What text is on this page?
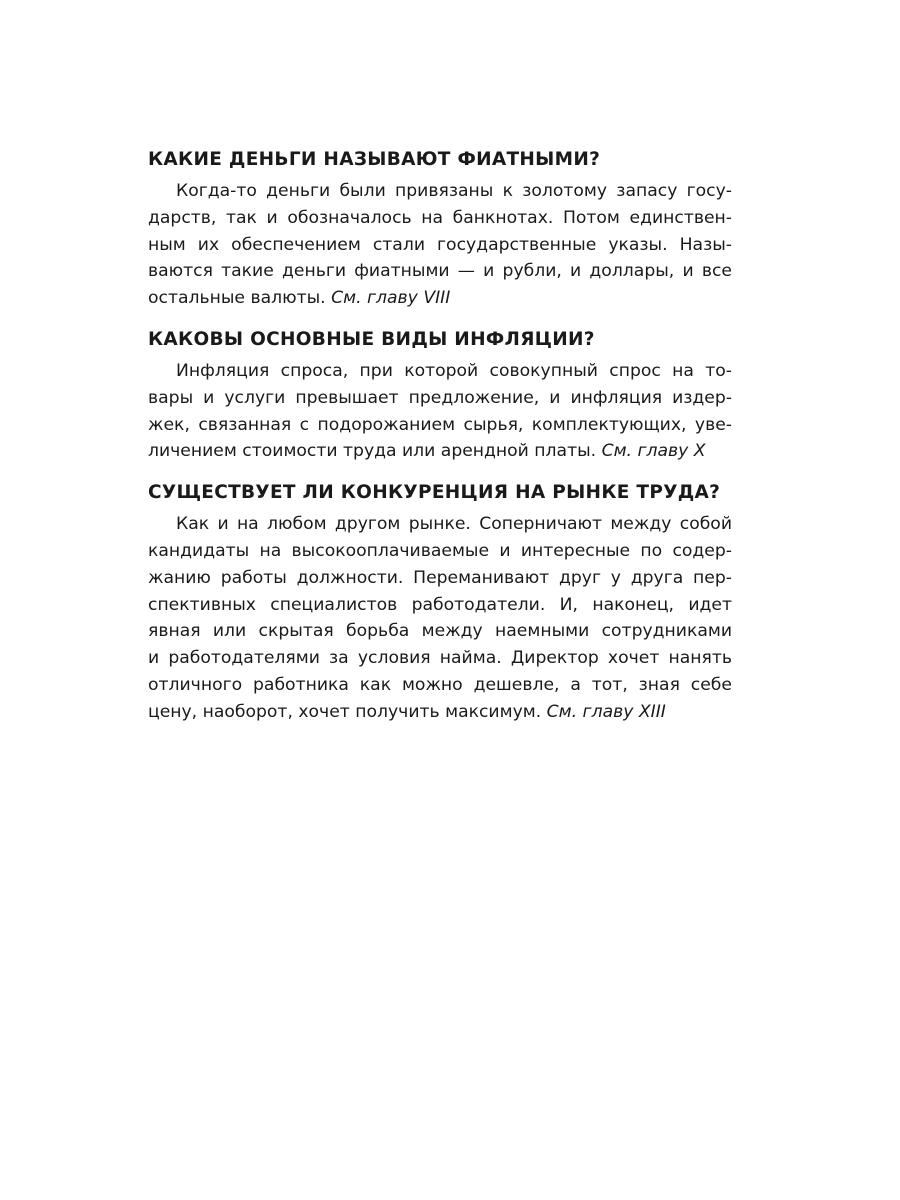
КАКИЕ ДЕНЬГИ НАЗЫВАЮТ ФИАТНЫМИ?

Когда-то деньги были привязаны к золотому запасу госу-
дарств, так и обозначалось на банкнотах. Потом единствен-
ным их обеспечением стали государственные указы. Назы-
ваются такие деньги фиатными — и рубли, и доллары, и все
остальные валюты. См. главу VIII

КАКОВЫ ОСНОВНЫЕ ВИДЫ ИНФЛЯЦИИ?

Инфляция спроса, при которой совокупный спрос на то-
вары и услуги превышает предложение, и инфляция издер-
жек, связанная с подорожанием сырья, комплектующих, уве-
личением стоимости труда или арендной платы. См. главу X

СУЩЕСТВУЕТ ЛИ КОНКУРЕНЦИЯ НА РЫНКЕ ТРУДА?

Как и на любом другом рынке. Соперничают между собой
кандидаты на высокооплачиваемые и интересные по содер-
жанию работы должности. Переманивают друг у друга пер-
спективных специалистов работодатели. И, наконец, идет
явная или скрытая борьба между наемными сотрудниками
и работодателями за условия найма. Директор хочет нанять
отличного работника как можно дешевле, а тот, зная себе
цену, наоборот, хочет получить максимум. См. главу XIII
